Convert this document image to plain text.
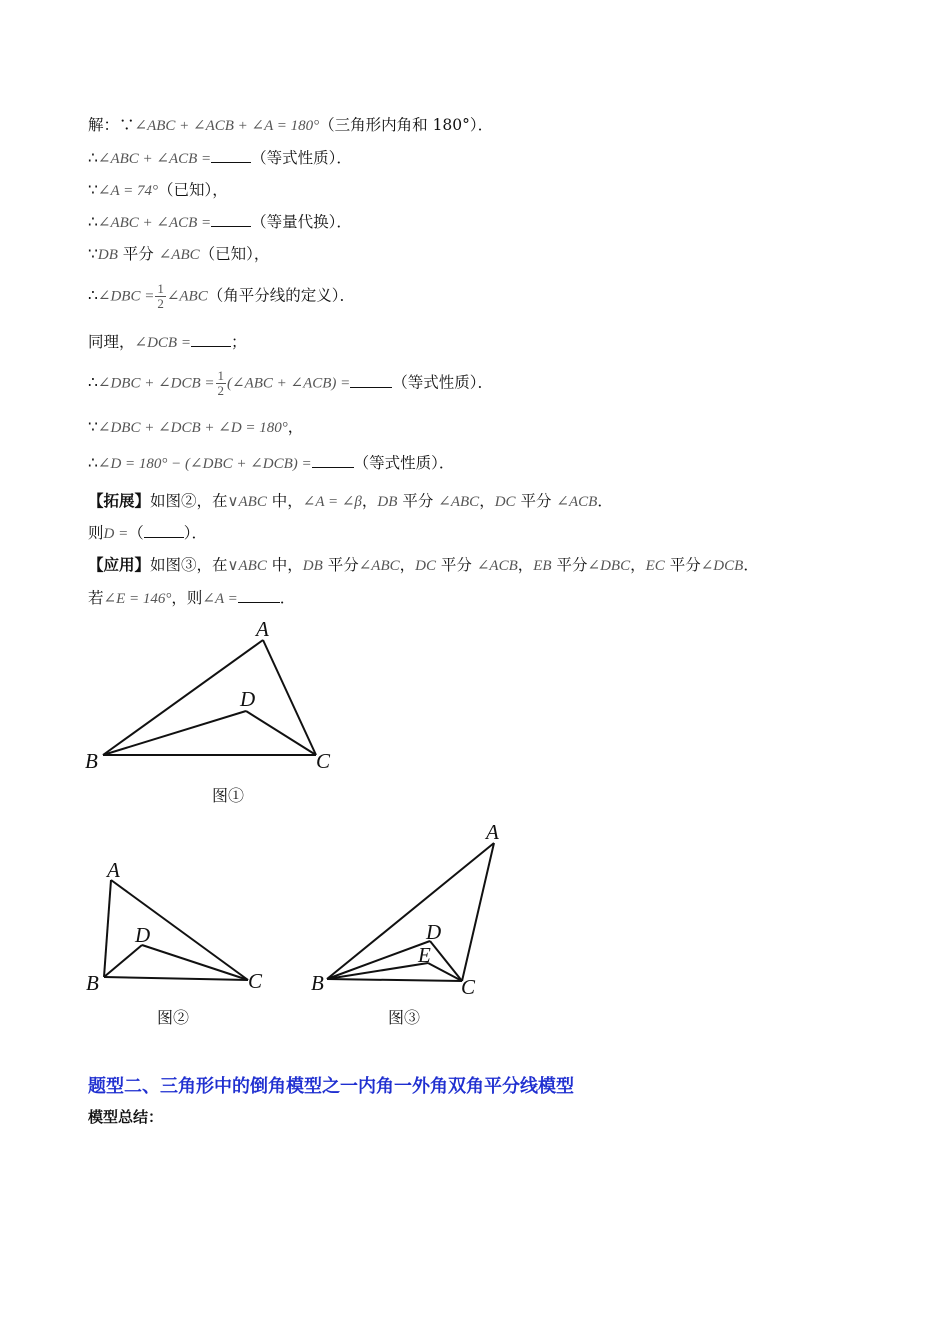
解：∵∠ABC + ∠ACB + ∠A = 180°（三角形内角和 180°）．
∴∠ABC + ∠ACB =	（等式性质）．
∵∠A = 74°（已知），
∴∠ABC + ∠ACB =	（等量代换）．
∵DB 平分 ∠ABC（已知），
∴∠DBC = $\frac{1}{2}$ ∠ABC（角平分线的定义）．
同理，∠DCB =	；
∴∠DBC + ∠DCB = $\frac{1}{2}$ (∠ABC + ∠ACB) =	（等式性质）．
∵∠DBC + ∠DCB + ∠D = 180°，
∴∠D = 180° − (∠DBC + ∠DCB) =	（等式性质）．
【拓展】如图②，在∨ABC 中，∠A = ∠β，DB 平分 ∠ABC，DC 平分 ∠ACB．
则D =（	）．
【应用】如图③，在∨ABC 中，DB 平分∠ABC，DC 平分 ∠ACB，EB 平分∠DBC，EC 平分∠DCB．
若∠E = 146°，则∠A =	．
A
D
B	C
图①
A
D
B	C
图②
A
D
E
B	C
图③
题型二、三角形中的倒角模型之一内角一外角双角平分线模型
模型总结：
